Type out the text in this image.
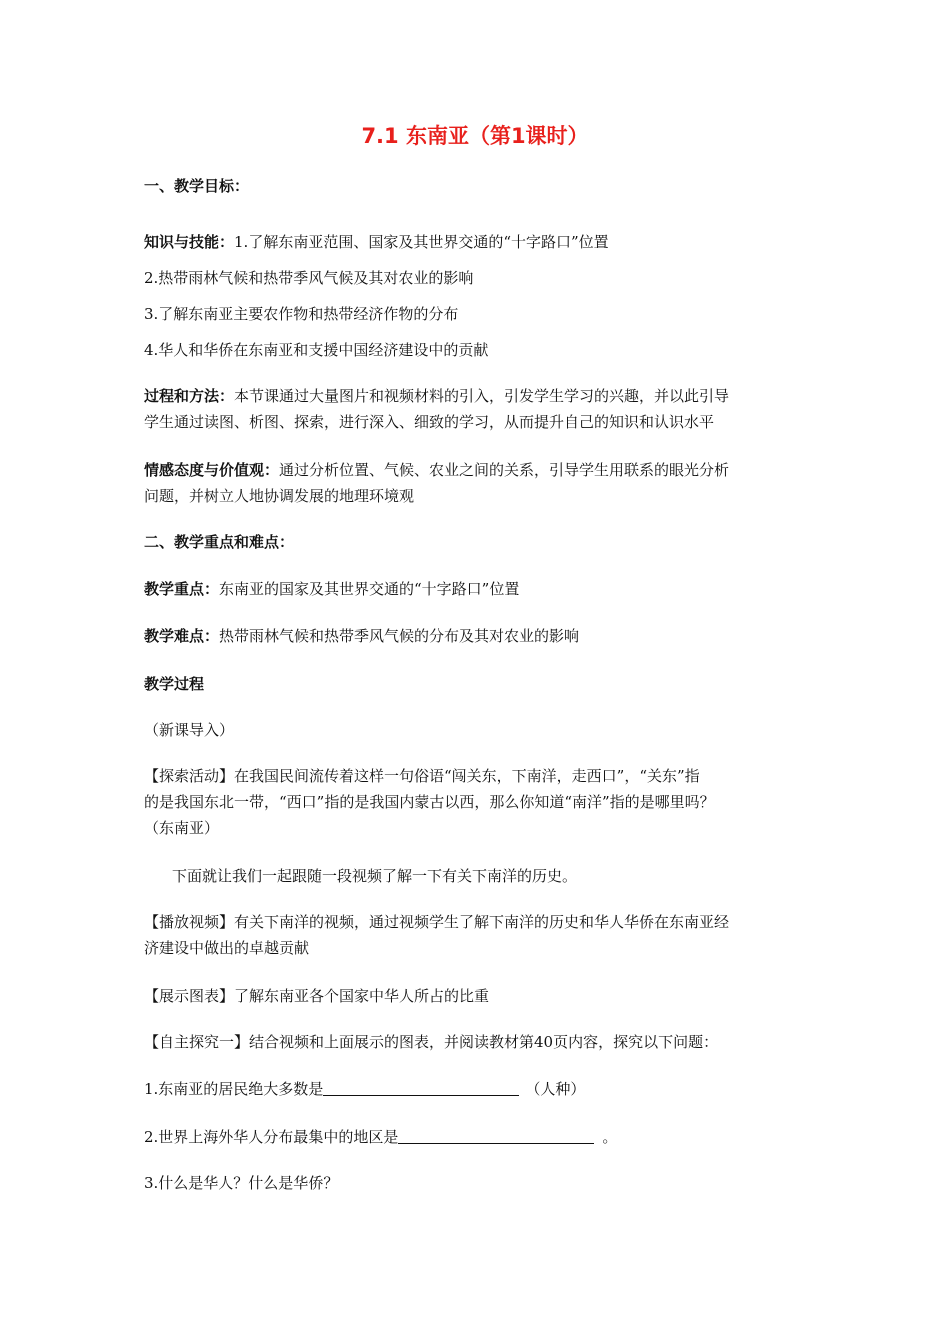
7.1 东南亚（第1课时）
一、教学目标：
知识与技能：1.了解东南亚范围、国家及其世界交通的“十字路口”位置
2.热带雨林气候和热带季风气候及其对农业的影响
3.了解东南亚主要农作物和热带经济作物的分布
4.华人和华侨在东南亚和支援中国经济建设中的贡献
过程和方法：本节课通过大量图片和视频材料的引入，引发学生学习的兴趣，并以此引导
学生通过读图、析图、探索，进行深入、细致的学习，从而提升自己的知识和认识水平
情感态度与价值观：通过分析位置、气候、农业之间的关系，引导学生用联系的眼光分析
问题，并树立人地协调发展的地理环境观
二、教学重点和难点：
教学重点：东南亚的国家及其世界交通的“十字路口”位置
教学难点：热带雨林气候和热带季风气候的分布及其对农业的影响
教学过程
（新课导入）
【探索活动】在我国民间流传着这样一句俗语“闯关东，下南洋，走西口”，“关东”指
的是我国东北一带，“西口”指的是我国内蒙古以西，那么你知道“南洋”指的是哪里吗？
（东南亚）
下面就让我们一起跟随一段视频了解一下有关下南洋的历史。
【播放视频】有关下南洋的视频，通过视频学生了解下南洋的历史和华人华侨在东南亚经
济建设中做出的卓越贡献
【展示图表】了解东南亚各个国家中华人所占的比重
【自主探究一】结合视频和上面展示的图表，并阅读教材第40页内容，探究以下问题：
1.东南亚的居民绝大多数是	（人种）
2.世界上海外华人分布最集中的地区是	。
3.什么是华人？什么是华侨？
